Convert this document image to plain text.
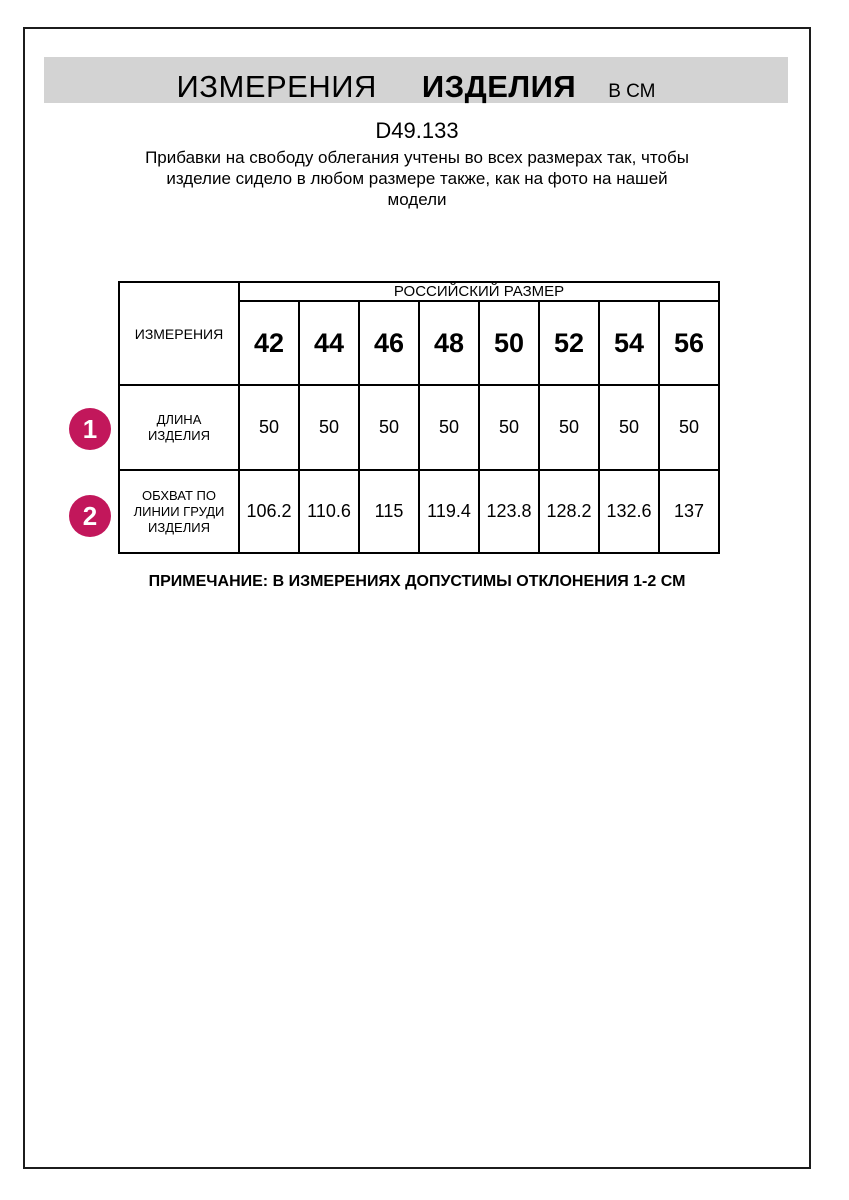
ИЗМЕРЕНИЯ ИЗДЕЛИЯ В СМ
D49.133
Прибавки на свободу облегания учтены во всех размерах так, чтобы
изделие сидело в любом размере также, как на фото на нашей
модели
ИЗМЕРЕНИЯ	РОССИЙСКИЙ РАЗМЕР							
	42	44	46	48	50	52	54	56

ДЛИНА
ИЗДЕЛИЯ	50	50	50	50	50	50	50	50

ОБХВАТ ПО
ЛИНИИ ГРУДИ
ИЗДЕЛИЯ	106.2	110.6	115	119.4	123.8	128.2	132.6	137
1
2
ПРИМЕЧАНИЕ: В ИЗМЕРЕНИЯХ ДОПУСТИМЫ ОТКЛОНЕНИЯ 1-2 СМ
